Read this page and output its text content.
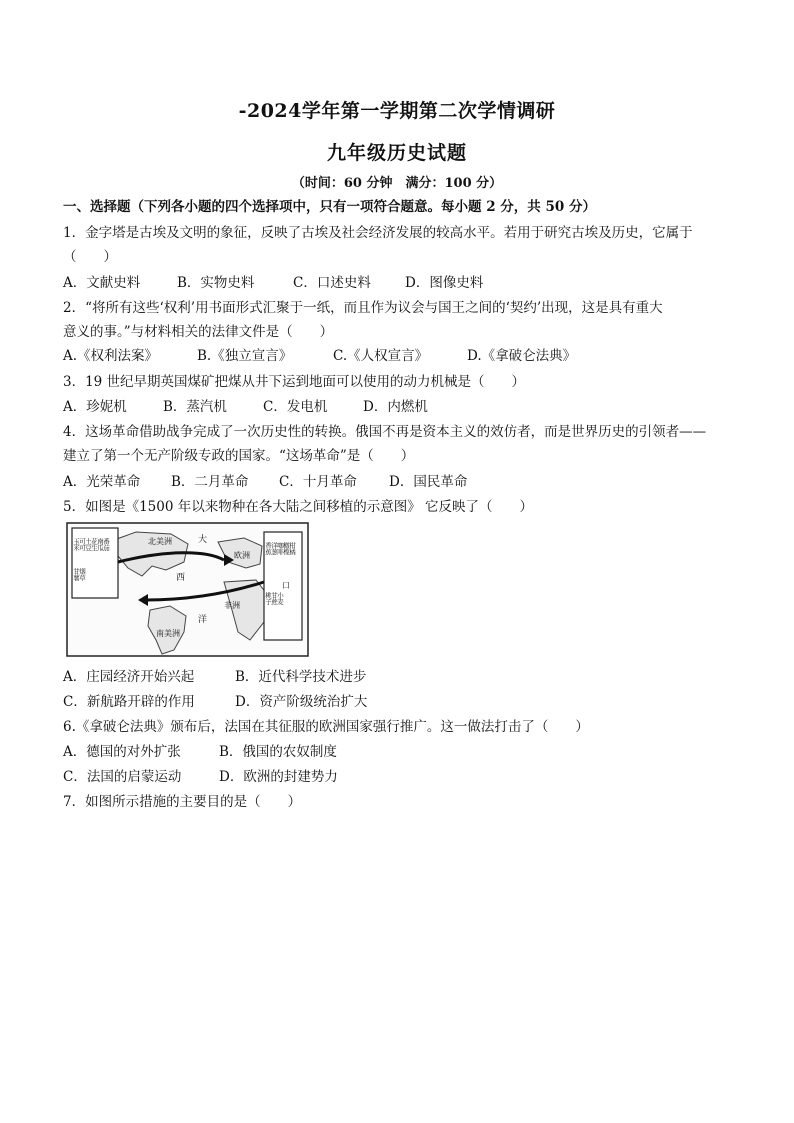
-2024学年第一学期第二次学情调研
九年级历史试题
（时间：60 分钟　满分：100 分）
一、选择题（下列各小题的四个选择项中，只有一项符合题意。每小题 2 分，共 50 分）
1．金字塔是古埃及文明的象征，反映了古埃及社会经济发展的较高水平。若用于研究古埃及历史，它属于
（　　）
A．文献史料	B．实物史料	C．口述史料	D．图像史料
2．“将所有这些‘权利’用书面形式汇聚于一纸，而且作为议会与国王之间的‘契约’出现，这是具有重大
意义的事。”与材料相关的法律文件是（　　）
A.《权利法案》	B.《独立宣言》	C.《人权宣言》	D.《拿破仑法典》
3．19 世纪早期英国煤矿把煤从井下运到地面可以使用的动力机械是（　　）
A．珍妮机	B．蒸汽机	C．发电机	D．内燃机
4．这场革命借助战争完成了一次历史性的转换。俄国不再是资本主义的效仿者，而是世界历史的引领者——
建立了第一个无产阶级专政的国家。“这场革命”是（　　）
A．光荣革命 B．二月革命 C．十月革命 D．国民革命
5．如图是《1500 年以来物种在各大陆之间移植的示意图》 它反映了（　　）
北美洲	大
西
洋
欧洲
口
非洲
南美洲
玉米
可可
土豆
花生
南瓜
番茄
甘薯
烟草
香蕉
洋葱
咖啡
橄榄
柑橘
桃子
甘蔗
小麦
A．庄园经济开始兴起	B．近代科学技术进步
C．新航路开辟的作用	D．资产阶级统治扩大
6.《拿破仑法典》颁布后，法国在其征服的欧洲国家强行推广。这一做法打击了（　　）
A．德国的对外扩张	B．俄国的农奴制度
C．法国的启蒙运动	D．欧洲的封建势力
7．如图所示措施的主要目的是（　　）
